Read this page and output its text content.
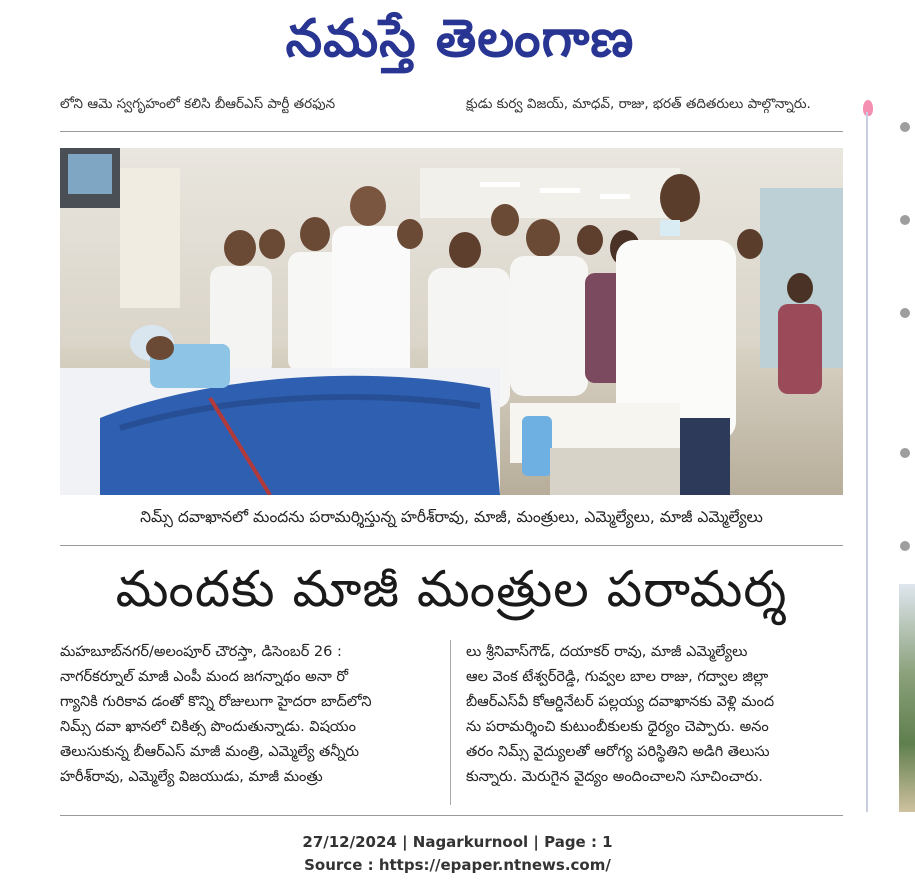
నమస్తే తెలంగాణ
లోని ఆమె స్వగృహంలో కలిసి బీఆర్‌ఎస్ పార్టీ తరఫున	క్షుడు కుర్వ విజయ్‌, మాధవ్‌, రాజు, భరత్‌ తదితరులు పాల్గొన్నారు.
నిమ్స్ దవాఖానలో మందను పరామర్శిస్తున్న హరీశ్‌రావు, మాజీ, మంత్రులు, ఎమ్మెల్యేలు, మాజీ ఎమ్మెల్యేలు
మందకు మాజీ మంత్రుల పరామర్శ
మహబూబ్‌నగర్‌/అలంపూర్ చౌరస్తా, డిసెంబర్ 26 :
నాగర్‌కర్నూల్ మాజీ ఎంపీ మంద జగన్నాథం అనా రో
గ్యానికి గురికావ డంతో కొన్ని రోజులుగా హైదరా బాద్‌లోని
నిమ్స్ దవా ఖానలో చికిత్స పొందుతున్నాడు. విషయం
తెలుసుకున్న బీఆర్‌ఎస్ మాజీ మంత్రి, ఎమ్మెల్యే తన్నీరు
హరీశ్‌రావు, ఎమ్మెల్యే విజయుడు, మాజీ మంత్రు
లు శ్రీనివాస్‌గౌడ్‌, దయాకర్ రావు, మాజీ ఎమ్మెల్యేలు
ఆల వెంక టేశ్వర్‌రెడ్డి, గువ్వల బాల రాజు, గద్వాల జిల్లా
బీఆర్‌ఎస్‌వీ కోఆర్డినేటర్ పల్లయ్య దవాఖానకు వెళ్లి మంద
ను పరామర్శించి కుటుంబీకులకు ధైర్యం చెప్పారు. అనం
తరం నిమ్స్ వైద్యులతో ఆరోగ్య పరిస్థితిని అడిగి తెలుసు
కున్నారు. మెరుగైన వైద్యం అందించాలని సూచించారు.
27/12/2024 | Nagarkurnool | Page : 1
Source : https://epaper.ntnews.com/
